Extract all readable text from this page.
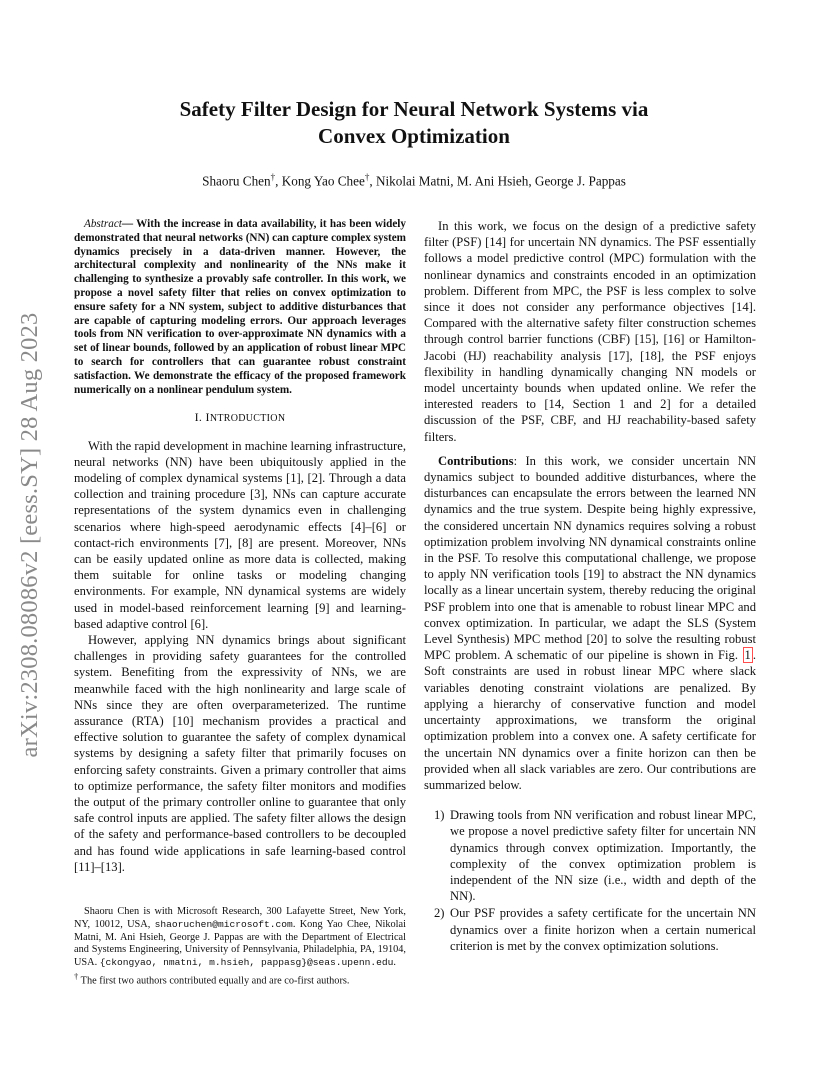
arXiv:2308.08086v2 [eess.SY] 28 Aug 2023
Safety Filter Design for Neural Network Systems via
Convex Optimization
Shaoru Chen†, Kong Yao Chee†, Nikolai Matni, M. Ani Hsieh, George J. Pappas

Abstract— With the increase in data availability, it has been widely demonstrated that neural networks (NN) can capture complex system dynamics precisely in a data-driven manner. However, the architectural complexity and nonlinearity of the NNs make it challenging to synthesize a provably safe controller. In this work, we propose a novel safety filter that relies on convex optimization to ensure safety for a NN system, subject to additive disturbances that are capable of capturing modeling errors. Our approach leverages tools from NN verification to over-approximate NN dynamics with a set of linear bounds, followed by an application of robust linear MPC to search for controllers that can guarantee robust constraint satisfaction. We demonstrate the efficacy of the proposed framework numerically on a nonlinear pendulum system.

I. INTRODUCTION

With the rapid development in machine learning infrastructure, neural networks (NN) have been ubiquitously applied in the modeling of complex dynamical systems [1], [2]. Through a data collection and training procedure [3], NNs can capture accurate representations of the system dynamics even in challenging scenarios where high-speed aerodynamic effects [4]–[6] or contact-rich environments [7], [8] are present. Moreover, NNs can be easily updated online as more data is collected, making them suitable for online tasks or modeling changing environments. For example, NN dynamical systems are widely used in model-based reinforcement learning [9] and learning-based adaptive control [6].

However, applying NN dynamics brings about significant challenges in providing safety guarantees for the controlled system. Benefiting from the expressivity of NNs, we are meanwhile faced with the high nonlinearity and large scale of NNs since they are often overparameterized. The runtime assurance (RTA) [10] mechanism provides a practical and effective solution to guarantee the safety of complex dynamical systems by designing a safety filter that primarily focuses on enforcing safety constraints. Given a primary controller that aims to optimize performance, the safety filter monitors and modifies the output of the primary controller online to guarantee that only safe control inputs are applied. The safety filter allows the design of the safety and performance-based controllers to be decoupled and has found wide applications in safe learning-based control [11]–[13].

Shaoru Chen is with Microsoft Research, 300 Lafayette Street, New York, NY, 10012, USA, shaoruchen@microsoft.com. Kong Yao Chee, Nikolai Matni, M. Ani Hsieh, George J. Pappas are with the Department of Electrical and Systems Engineering, University of Pennsylvania, Philadelphia, PA, 19104, USA. {ckongyao, nmatni, m.hsieh, pappasg}@seas.upenn.edu.

† The first two authors contributed equally and are co-first authors.

In this work, we focus on the design of a predictive safety filter (PSF) [14] for uncertain NN dynamics. The PSF essentially follows a model predictive control (MPC) formulation with the nonlinear dynamics and constraints encoded in an optimization problem. Different from MPC, the PSF is less complex to solve since it does not consider any performance objectives [14]. Compared with the alternative safety filter construction schemes through control barrier functions (CBF) [15], [16] or Hamilton-Jacobi (HJ) reachability analysis [17], [18], the PSF enjoys flexibility in handling dynamically changing NN models or model uncertainty bounds when updated online. We refer the interested readers to [14, Section 1 and 2] for a detailed discussion of the PSF, CBF, and HJ reachability-based safety filters.

Contributions: In this work, we consider uncertain NN dynamics subject to bounded additive disturbances, where the disturbances can encapsulate the errors between the learned NN dynamics and the true system. Despite being highly expressive, the considered uncertain NN dynamics requires solving a robust optimization problem involving NN dynamical constraints online in the PSF. To resolve this computational challenge, we propose to apply NN verification tools [19] to abstract the NN dynamics locally as a linear uncertain system, thereby reducing the original PSF problem into one that is amenable to robust linear MPC and convex optimization. In particular, we adapt the SLS (System Level Synthesis) MPC method [20] to solve the resulting robust MPC problem. A schematic of our pipeline is shown in Fig. 1 . Soft constraints are used in robust linear MPC where slack variables denoting constraint violations are penalized. By applying a hierarchy of conservative function and model uncertainty approximations, we transform the original optimization problem into a convex one. A safety certificate for the uncertain NN dynamics over a finite horizon can then be provided when all slack variables are zero. Our contributions are summarized below.

1) Drawing tools from NN verification and robust linear MPC, we propose a novel predictive safety filter for uncertain NN dynamics through convex optimization. Importantly, the complexity of the convex optimization problem is independent of the NN size (i.e., width and depth of the NN).
2) Our PSF provides a safety certificate for the uncertain NN dynamics over a finite horizon when a certain numerical criterion is met by the convex optimization solutions.
